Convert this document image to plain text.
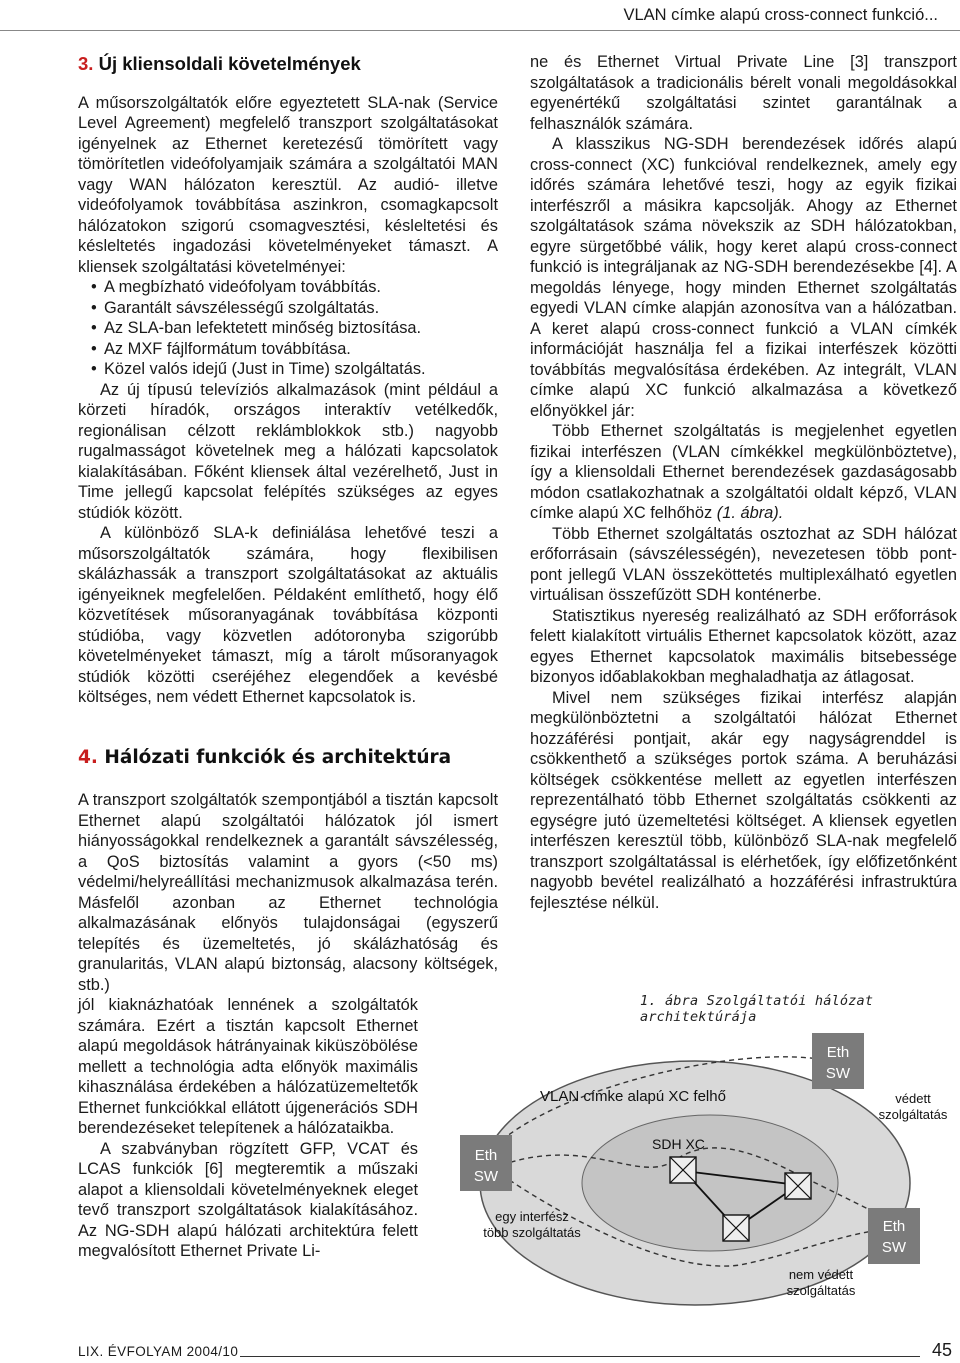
VLAN címke alapú cross-connect funkció...
3. Új kliensoldali követelmények

A műsorszolgáltatók előre egyeztetett SLA-nak (Service Level Agreement) megfelelő transzport szolgáltatásokat igényelnek az Ethernet keretezésű tömörített vagy tömörítetlen videófolyamjaik számára a szolgáltatói MAN vagy WAN hálózaton keresztül. Az audió- illetve videófolyamok továbbítása aszinkron, csomagkapcsolt hálózatokon szigorú csomagvesztési, késleltetési és késleltetés ingadozási követelményeket támaszt. A kliensek szolgáltatási követelményei:

• A megbízható videófolyam továbbítás.
• Garantált sávszélességű szolgáltatás.
• Az SLA-ban lefektetett minőség biztosítása.
• Az MXF fájlformátum továbbítása.
• Közel valós idejű (Just in Time) szolgáltatás.

Az új típusú televíziós alkalmazások (mint például a körzeti híradók, országos interaktív vetélkedők, regionálisan célzott reklámblokkok stb.) nagyobb rugalmasságot követelnek meg a hálózati kapcsolatok kialakításában. Főként kliensek által vezérelhető, Just in Time jellegű kapcsolat felépítés szükséges az egyes stúdiók között.

A különböző SLA-k definiálása lehetővé teszi a műsorszolgáltatók számára, hogy flexibilisen skálázhassák a transzport szolgáltatásokat az aktuális igényeiknek megfelelően. Példaként említhető, hogy élő közvetítések műsoranyagának továbbítása központi stúdióba, vagy közvetlen adótoronyba szigorúbb követelményeket támaszt, míg a tárolt műsoranyagok stúdiók közötti cseréjéhez elegendőek a kevésbé költséges, nem védett Ethernet kapcsolatok is.

4. Hálózati funkciók és architektúra

A transzport szolgáltatók szempontjából a tisztán kapcsolt Ethernet alapú szolgáltatói hálózatok jól ismert hiányosságokkal rendelkeznek a garantált sávszélesség, a QoS biztosítás valamint a gyors (<50 ms) védelmi/helyreállítási mechanizmusok alkalmazása terén. Másfelől azonban az Ethernet technológia alkalmazásának előnyös tulajdonságai (egyszerű telepítés és üzemeltetés, jó skálázhatóság és granularitás, VLAN alapú biztonság, alacsony költségek, stb.)

jól kiaknázhatóak lennének a szolgáltatók számára. Ezért a tisztán kapcsolt Ethernet alapú megoldások hátrányainak kiküszöbölése mellett a technológia adta előnyök maximális kihasználása érdekében a hálózatüzemeltetők Ethernet funkciókkal ellátott újgenerációs SDH berendezéseket telepítenek a hálózataikba.

A szabványban rögzített GFP, VCAT és LCAS funkciók [6] megteremtik a műszaki alapot a kliensoldali követelményeknek eleget tevő transzport szolgáltatások kialakításához. Az NG-SDH alapú hálózati architektúra felett megvalósított Ethernet Private Li-

ne és Ethernet Virtual Private Line [3] transzport szolgáltatások a tradicionális bérelt vonali megoldásokkal egyenértékű szolgáltatási szintet garantálnak a felhasználók számára.

A klasszikus NG-SDH berendezések időrés alapú cross-connect (XC) funkcióval rendelkeznek, amely egy időrés számára lehetővé teszi, hogy az egyik fizikai interfészről a másikra kapcsolják. Ahogy az Ethernet szolgáltatások száma növekszik az SDH hálózatokban, egyre sürgetőbbé válik, hogy keret alapú cross-connect funkció is integráljanak az NG-SDH berendezésekbe [4]. A megoldás lényege, hogy minden Ethernet szolgáltatás egyedi VLAN címke alapján azonosítva van a hálózatban. A keret alapú cross-connect funkció a VLAN címkék információját használja fel a fizikai interfészek közötti továbbítás megvalósítása érdekében. Az integrált, VLAN címke alapú XC funkció alkalmazása a következő előnyökkel jár:

Több Ethernet szolgáltatás is megjelenhet egyetlen fizikai interfészen (VLAN címkékkel megkülönböztetve), így a kliensoldali Ethernet berendezések gazdaságosabb módon csatlakozhatnak a szolgáltatói oldalt képző, VLAN címke alapú XC felhőhöz (1. ábra).

Több Ethernet szolgáltatás osztozhat az SDH hálózat erőforrásain (sávszélességén), nevezetesen több pont-pont jellegű VLAN összeköttetés multiplexálható egyetlen virtuálisan összefűzött SDH konténerbe.

Statisztikus nyereség realizálható az SDH erőforrások felett kialakított virtuális Ethernet kapcsolatok között, azaz egyes Ethernet kapcsolatok maximális bitsebessége bizonyos időablakokban meghaladhatja az átlagosat.

Mivel nem szükséges fizikai interfész alapján megkülönböztetni a szolgáltatói hálózat Ethernet hozzáférési pontjait, akár egy nagyságrenddel is csökkenthető a szükséges portok száma. A beruházási költségek csökkentése mellett az egyetlen interfészen reprezentálható több Ethernet szolgáltatás csökkenti az egységre jutó üzemeltetési költséget. A kliensek egyetlen interfészen keresztül több, különböző SLA-nak megfelelő transzport szolgáltatással is elérhetőek, így előfizetőnként nagyobb bevétel realizálható a hozzáférési infrastruktúra fejlesztése nélkül.

1. ábra Szolgáltatói hálózat architektúrája
VLAN címke alapú XC felhő
SDH XC
Eth
SW
Eth
SW
Eth
SW
egy interfész
több szolgáltatás
védett
szolgáltatás
nem védett
szolgáltatás
LIX. ÉVFOLYAM 2004/10	45
